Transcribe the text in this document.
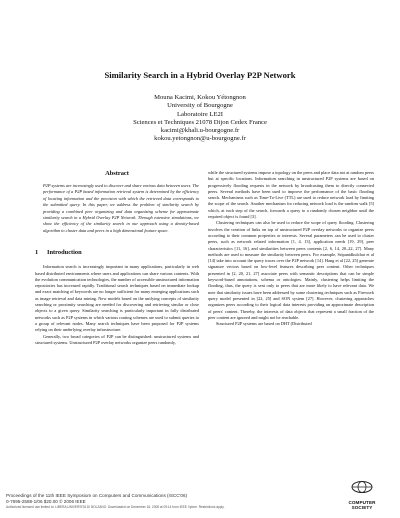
Similarity Search in a Hybrid Overlay P2P Network
Mouna Kacimi, Kokou Yétongnon
University of Bourgogne
Laboratoire LE2I
Sciences et Techniques 21078 Dijon Cedex France
kacimi@khali.u-bourgogne.fr
kokou.yetongnon@u-bourgogne.fr
Abstract

P2P systems are increasingly used to discover and share various data between users. The performance of a P2P based information retrieval system is determined by the efficiency of locating information and the precision with which the retrieved data corresponds to the submitted query. In this paper, we address the problem of similarity search by providing a combined peer organizing and data organizing scheme for approximate similarity search in a Hybrid Overlay P2P Network. Through extensive simulations, we show the efficiency of the similarity search in our approach using a density-based algorithm to cluster data and peers in a high dimensional feature space.

1 Introduction

Information search is increasingly important in many applications, particularly in web based distributed environments where users and applications can share various contents. With the evolution communication technologies, the number of accessible unstructured information repositories has increased rapidly. Traditional search techniques based on immediate lookup and exact matching of keywords are no longer sufficient for many emerging applications such as image retrieval and data mining. New models based on the unifying concepts of similarity searching or proximity searching are needed for discovering and retrieving similar or close objects to a given query. Similarity searching is particularly important in fully distributed networks such as P2P systems in which various routing schemes are used to submit queries to a group of relevant nodes. Many search techniques have been proposed for P2P systems relying on their underlying overlay infrastructure.

Generally, two broad categories of P2P can be distinguished: unstructured systems and structured systems. Unstructured P2P overlay networks organize peers randomly,

while the structured systems impose a topology on the peers and place data not at random peers but at specific locations. Information searching in unstructured P2P systems are based on progressively flooding requests in the network by broadcasting them to directly connected peers. Several methods have been used to improve the performance of the basic flooding search. Mechanisms such as Time-To-Live (TTL) are used to reduce network load by limiting the scope of the search. Another mechanism for reducing network load is the random walk [5] which, at each step of the search, forwards a query to a randomly chosen neighbor until the required object is found [3].

Clustering techniques can also be used to reduce the scope of query flooding. Clustering involves the creation of links on top of unstructured P2P overlay networks to organize peers according to their common properties or interests. Several parameters can be used to cluster peers, such as network related information [1, 4, 13], application needs [19, 29], peer characteristics [11, 16], and similarities between peers contents [2, 6, 14, 20–22, 27]. Many methods are used to measure the similarity between peers. For example, Sripanidkulchai et al [14] take into account the query traces over the P2P network [14]. Hang et al [22, 25] generate signature vectors based on low-level features describing peer content. Other techniques presented in [2, 20, 21, 27] associate peers with semantic descriptions that can be simple keyword-based annotations, schema or ontologies. Mainly, clustering helps limiting the flooding, thus, the query is sent only to peers that are more likely to have relevant data. We note that similarity issues have been addressed by some clustering techniques such as Firework query model presented in [22, 25] and SON system [27]. However, clustering approaches organizes peers according to their logical data interests providing an approximate description of peers' content. Thereby, the interests of data objects that represent a small fraction of the peer content are ignored and might not be reachable.

Structured P2P systems are based on DHT (Distributed

Proceedings of the 11th IEEE Symposium on Computers and Communications (ISCC'06)
0-7695-2588-1/06 $20.00 © 2006 IEEE
Authorized licensed use limited to: LIBERA UNIVERSITA DI BOLZANO. Downloaded on December 16, 2008 at 09:14 from IEEE Xplore. Restrictions apply.
COMPUTER
SOCIETY
